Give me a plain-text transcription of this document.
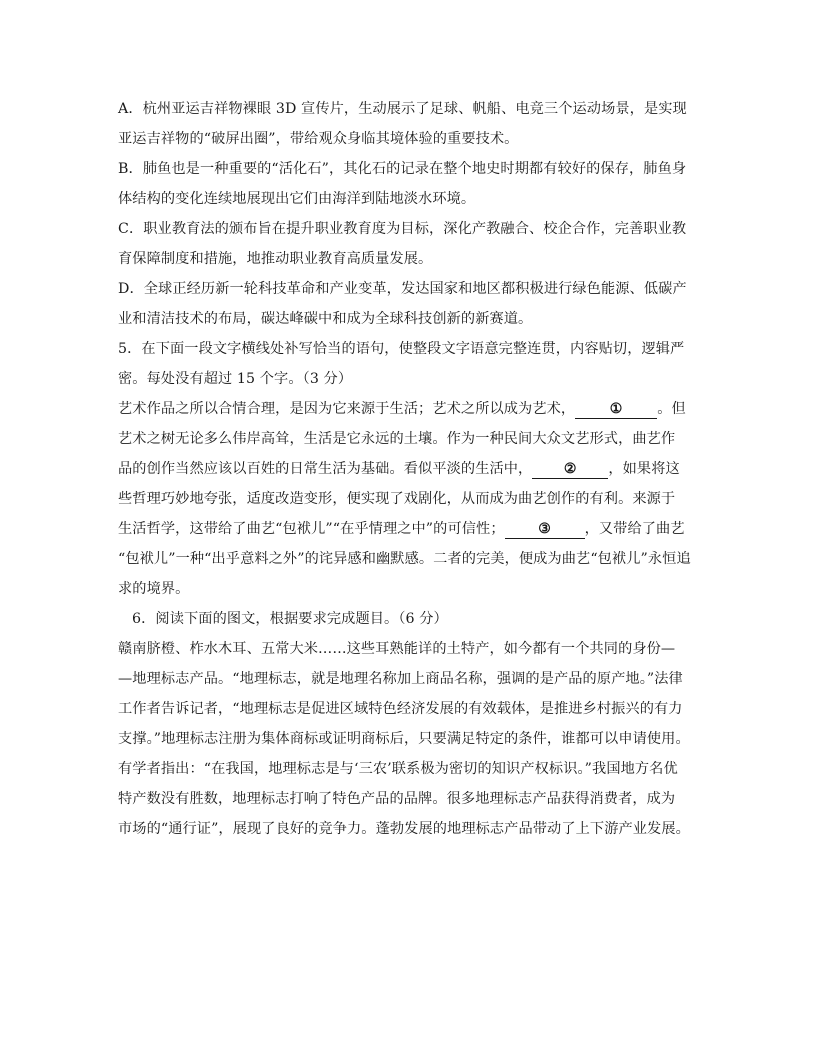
A．杭州亚运吉祥物裸眼 3D 宣传片，生动展示了足球、帆船、电竞三个运动场景，是实现
亚运吉祥物的“破屏出圈”，带给观众身临其境体验的重要技术。
B．肺鱼也是一种重要的“活化石”，其化石的记录在整个地史时期都有较好的保存，肺鱼身
体结构的变化连续地展现出它们由海洋到陆地淡水环境。
C．职业教育法的颁布旨在提升职业教育度为目标，深化产教融合、校企合作，完善职业教
育保障制度和措施，地推动职业教育高质量发展。
D．全球正经历新一轮科技革命和产业变革，发达国家和地区都积极进行绿色能源、低碳产
业和清洁技术的布局，碳达峰碳中和成为全球科技创新的新赛道。
5．在下面一段文字横线处补写恰当的语句，使整段文字语意完整连贯，内容贴切，逻辑严
密。每处没有超过 15 个字。（3 分）
艺术作品之所以合情合理，是因为它来源于生活；艺术之所以成为艺术， ① 。但
艺术之树无论多么伟岸高耸，生活是它永远的土壤。作为一种民间大众文艺形式，曲艺作
品的创作当然应该以百姓的日常生活为基础。看似平淡的生活中， ② ，如果将这
些哲理巧妙地夸张，适度改造变形，便实现了戏剧化，从而成为曲艺创作的有利。来源于
生活哲学，这带给了曲艺“包袱儿”“在乎情理之中”的可信性； ③ ，又带给了曲艺
“包袱儿”一种“出乎意料之外”的诧异感和幽默感。二者的完美，便成为曲艺“包袱儿”永恒追
求的境界。
6．阅读下面的图文，根据要求完成题目。（6 分）
赣南脐橙、柞水木耳、五常大米……这些耳熟能详的土特产，如今都有一个共同的身份—
—地理标志产品。“地理标志，就是地理名称加上商品名称，强调的是产品的原产地。”法律
工作者告诉记者，“地理标志是促进区域特色经济发展的有效载体，是推进乡村振兴的有力
支撑。”地理标志注册为集体商标或证明商标后，只要满足特定的条件，谁都可以申请使用。
有学者指出：“在我国，地理标志是与‘三农’联系极为密切的知识产权标识。”我国地方名优
特产数没有胜数，地理标志打响了特色产品的品牌。很多地理标志产品获得消费者，成为
市场的“通行证”，展现了良好的竞争力。蓬勃发展的地理标志产品带动了上下游产业发展。
